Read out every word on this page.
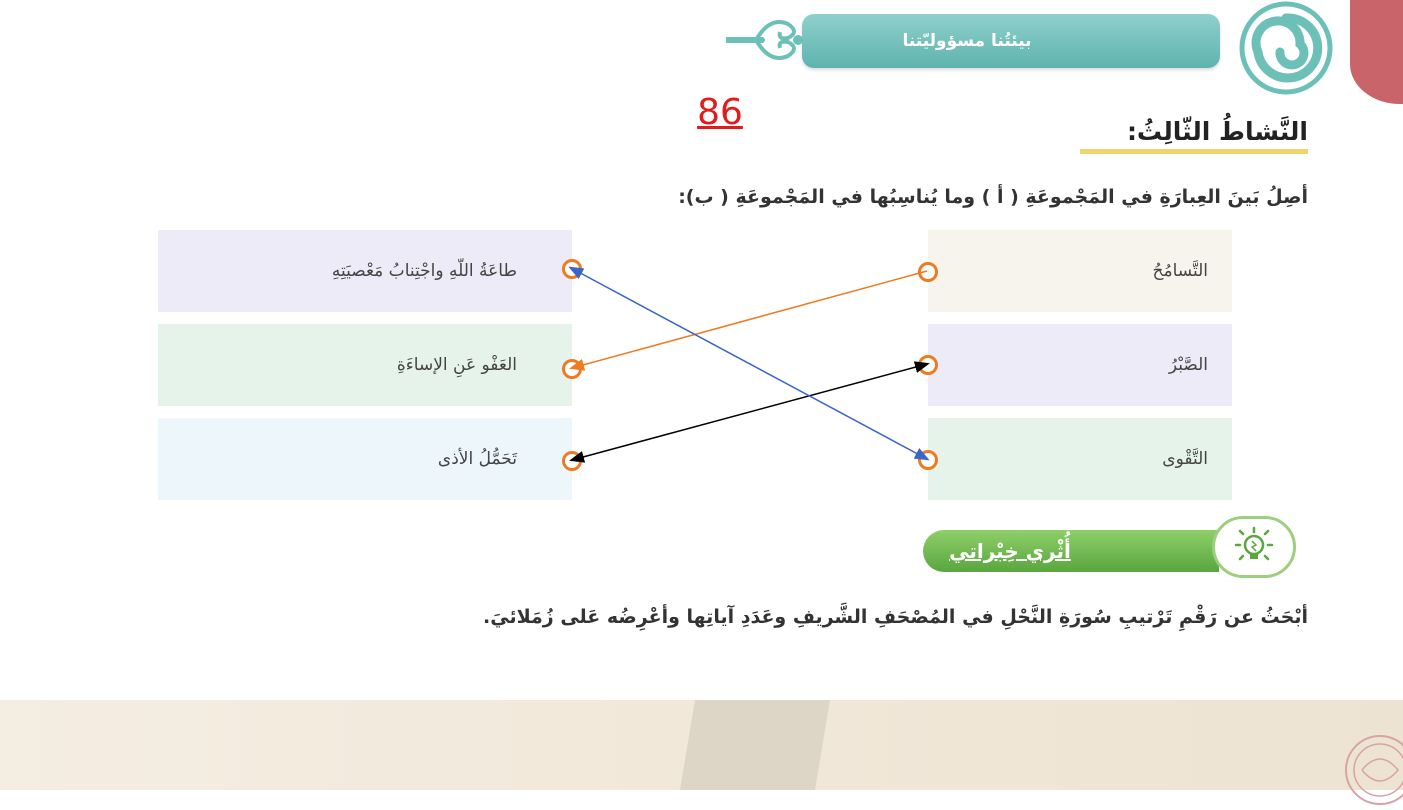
بيئتُنا مسؤوليّتنا
86	النَّشاطُ الثّالِثُ:
أصِلُ بَينَ العِبارَةِ في المَجْموعَةِ ( أ ) وما يُناسِبُها في المَجْموعَةِ ( ب):
طاعَةُ اللّهِ واجْتِنابُ مَعْصيَتِهِ
العَفْو عَنِ الإساءَةِ
تَحَمُّلُ الأذى
التَّسامُحُ
الصَّبْرُ
التَّقْوى
أُثْري خِبْراتي
أبْحَثُ عن رَقْمِ تَرْتيبِ سُورَةِ النَّحْلِ في المُصْحَفِ الشَّريفِ وعَدَدِ آياتِها وأعْرِضُه عَلى زُمَلائيَ.
